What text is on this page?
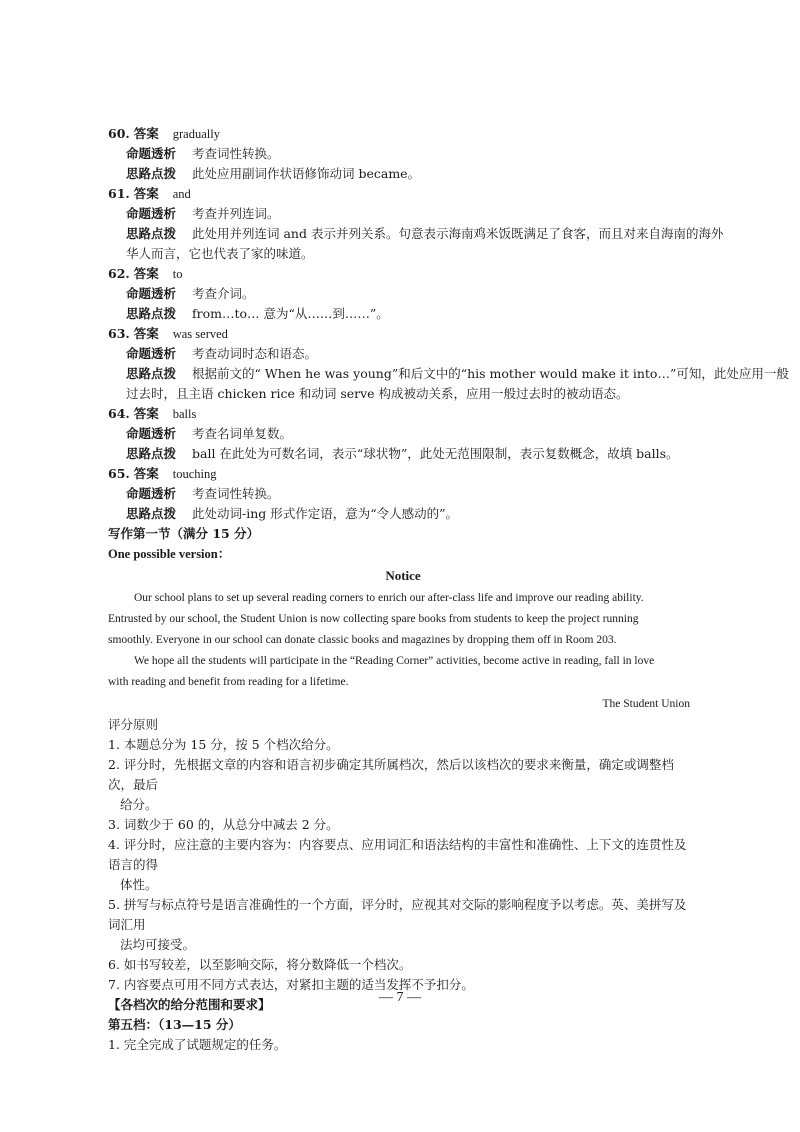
60. 答案 gradually
命题透析 考查词性转换。
思路点拨 此处应用副词作状语修饰动词 became。
61. 答案 and
命题透析 考查并列连词。
思路点拨 此处用并列连词 and 表示并列关系。句意表示海南鸡米饭既满足了食客，而且对来自海南的海外
华人而言，它也代表了家的味道。
62. 答案 to
命题透析 考查介词。
思路点拨 from…to… 意为“从……到……”。
63. 答案 was served
命题透析 考查动词时态和语态。
思路点拨 根据前文的“ When he was young”和后文中的“his mother would make it into…”可知，此处应用一般
过去时，且主语 chicken rice 和动词 serve 构成被动关系，应用一般过去时的被动语态。
64. 答案 balls
命题透析 考查名词单复数。
思路点拨 ball 在此处为可数名词，表示“球状物”，此处无范围限制，表示复数概念，故填 balls。
65. 答案 touching
命题透析 考查词性转换。
思路点拨 此处动词-ing 形式作定语，意为“令人感动的”。
写作第一节（满分 15 分）
One possible version：
Notice
Our school plans to set up several reading corners to enrich our after-class life and improve our reading ability.
Entrusted by our school, the Student Union is now collecting spare books from students to keep the project running
smoothly. Everyone in our school can donate classic books and magazines by dropping them off in Room 203.
We hope all the students will participate in the “Reading Corner” activities, become active in reading, fall in love
with reading and benefit from reading for a lifetime.
The Student Union
评分原则
1. 本题总分为 15 分，按 5 个档次给分。
2. 评分时，先根据文章的内容和语言初步确定其所属档次，然后以该档次的要求来衡量，确定或调整档次，最后
给分。
3. 词数少于 60 的，从总分中减去 2 分。
4. 评分时，应注意的主要内容为：内容要点、应用词汇和语法结构的丰富性和准确性、上下文的连贯性及语言的得
体性。
5. 拼写与标点符号是语言准确性的一个方面，评分时，应视其对交际的影响程度予以考虑。英、美拼写及词汇用
法均可接受。
6. 如书写较差，以至影响交际，将分数降低一个档次。
7. 内容要点可用不同方式表达，对紧扣主题的适当发挥不予扣分。
【各档次的给分范围和要求】
第五档：（13—15 分）
1. 完全完成了试题规定的任务。
— 7 —
